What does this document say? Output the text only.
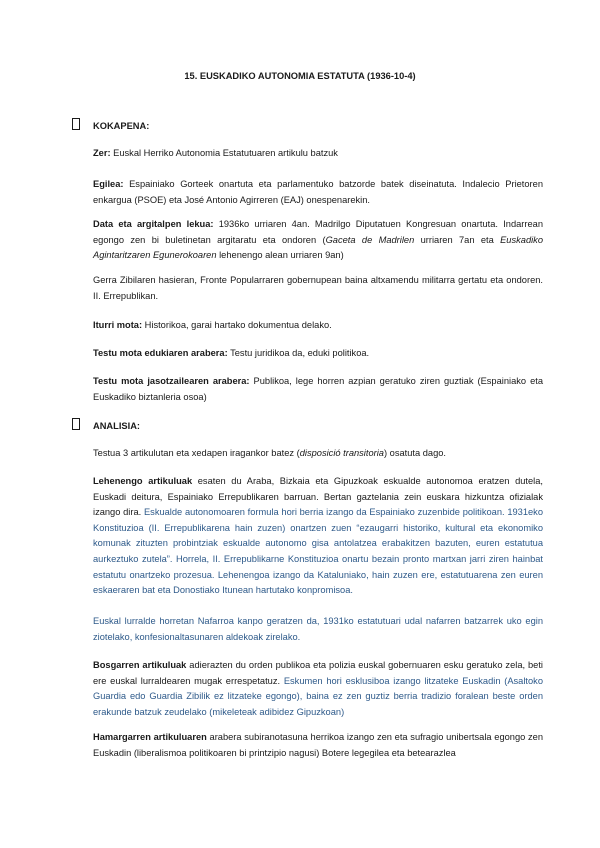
15. EUSKADIKO AUTONOMIA ESTATUTA (1936-10-4)
KOKAPENA:
Zer: Euskal Herriko Autonomia Estatutuaren artikulu batzuk
Egilea: Espainiako Gorteek onartuta eta parlamentuko batzorde batek diseinatuta. Indalecio Prietoren enkargua (PSOE) eta José Antonio Agirreren (EAJ) onespenarekin.
Data eta argitalpen lekua: 1936ko urriaren 4an. Madrilgo Diputatuen Kongresuan onartuta. Indarrean egongo zen bi buletinetan argitaratu eta ondoren (Gaceta de Madrilen urriaren 7an eta Euskadiko Agintaritzaren Egunerokoaren lehenengo alean urriaren 9an)
Gerra Zibilaren hasieran, Fronte Popularraren gobernupean baina altxamendu militarra gertatu eta ondoren. II. Errepublikan.
Iturri mota: Historikoa, garai hartako dokumentua delako.
Testu mota edukiaren arabera: Testu juridikoa da, eduki politikoa.
Testu mota jasotzailearen arabera: Publikoa, lege horren azpian geratuko ziren guztiak (Espainiako eta Euskadiko biztanleria osoa)
ANALISIA:
Testua 3 artikulutan eta xedapen iragankor batez (disposició transitoria) osatuta dago.
Lehenengo artikuluak esaten du Araba, Bizkaia eta Gipuzkoak eskualde autonomoa eratzen dutela, Euskadi deitura, Espainiako Errepublikaren barruan. Bertan gaztelania zein euskara hizkuntza ofizialak izango dira. Eskualde autonomoaren formula hori berria izango da Espainiako zuzenbide politikoan. 1931eko Konstituzioa (II. Errepublikarena hain zuzen) onartzen zuen “ezaugarri historiko, kultural eta ekonomiko komunak zituzten probintziak eskualde autonomo gisa antolatzea erabakitzen bazuten, euren estatutua aurkeztuko zutela”. Horrela, II. Errepublikarne Konstituzioa onartu bezain pronto martxan jarri ziren hainbat estatutu onartzeko prozesua. Lehenengoa izango da Kataluniako, hain zuzen ere, estatutuarena zen euren eskaeraren bat eta Donostiako Itunean hartutako konpromisoa.
Euskal lurralde horretan Nafarroa kanpo geratzen da, 1931ko estatutuari udal nafarren batzarrek uko egin ziotelako, konfesionaltasunaren aldekoak zirelako.
Bosgarren artikuluak adierazten du orden publikoa eta polizia euskal gobernuaren esku geratuko zela, beti ere euskal lurraldearen mugak errespetatuz. Eskumen hori esklusiboa izango litzateke Euskadin (Asaltoko Guardia edo Guardia Zibilik ez litzateke egongo), baina ez zen guztiz berria tradizio foralean beste orden erakunde batzuk zeudelako (mikeleteak adibidez Gipuzkoan)
Hamargarren artikuluaren arabera subiranotasuna herrikoa izango zen eta sufragio unibertsala egongo zen Euskadin (liberalismoa politikoaren bi printzipio nagusi) Botere legegilea eta betearazlea
